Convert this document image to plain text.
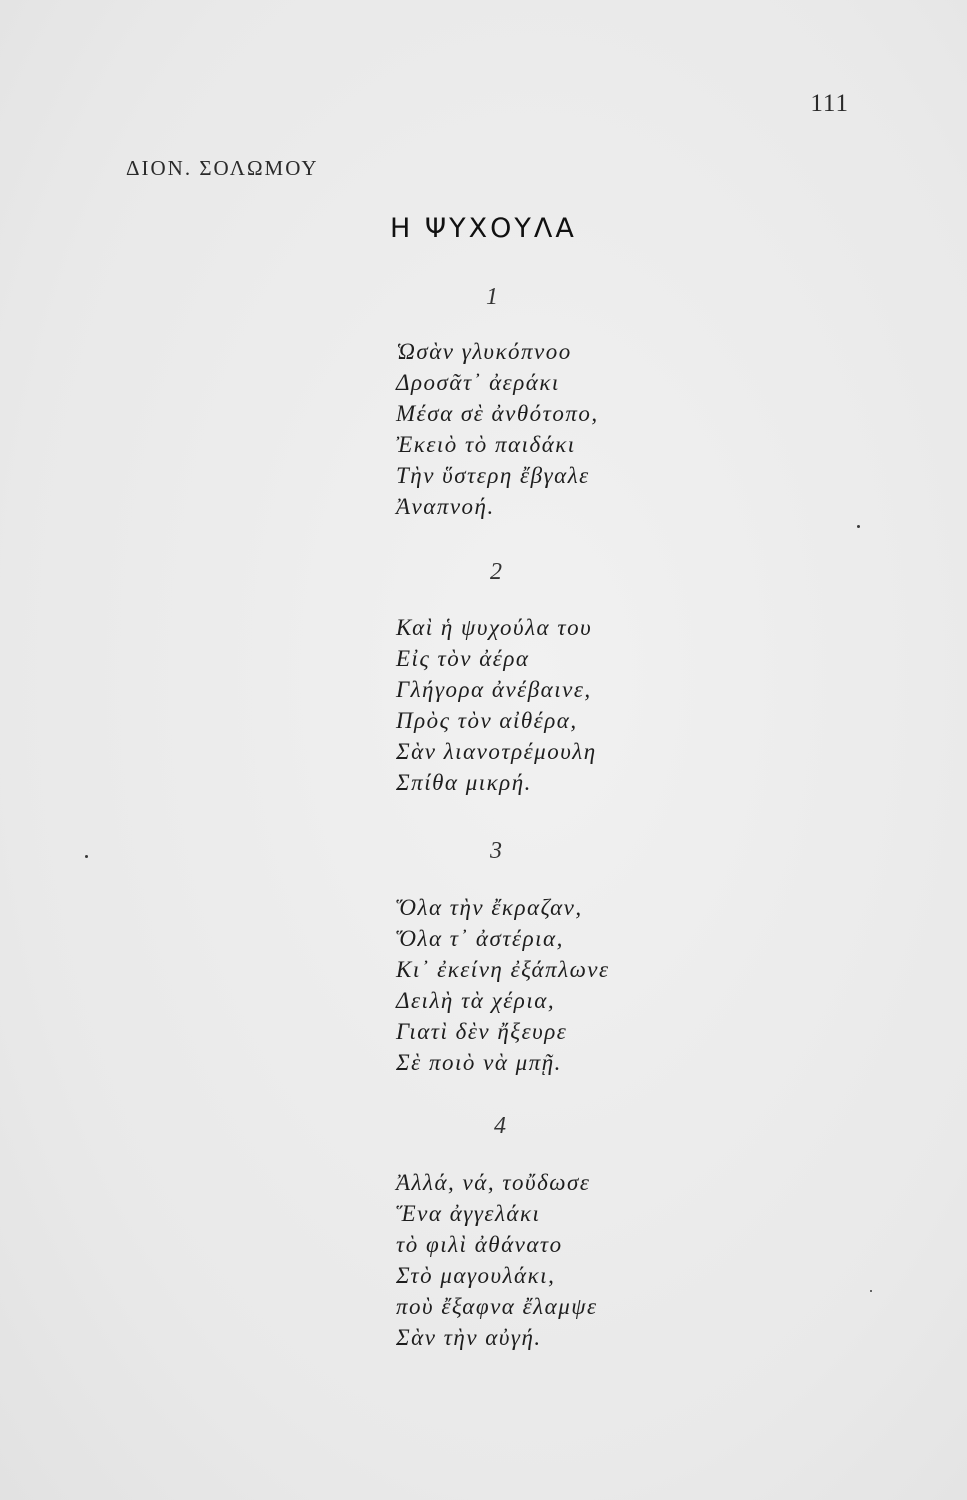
111
ΔΙΟΝ. ΣΟΛΩΜΟΥ
Η ΨΥΧΟΥΛΑ
1
Ὡσὰν γλυκόπνοο
Δροσᾶτ᾿ ἀεράκι
Μέσα σὲ ἀνθότοπο,
Ἐκειὸ τὸ παιδάκι
Τὴν ὕστερη ἔβγαλε
Ἀναπνοή.
2
Καὶ ἡ ψυχούλα του
Εἰς τὸν ἀέρα
Γλήγορα ἀνέβαινε,
Πρὸς τὸν αἰθέρα,
Σὰν λιανοτρέμουλη
Σπίθα μικρή.
3
Ὅλα τὴν ἔκραζαν,
Ὅλα τ᾿ ἀστέρια,
Κι᾿ ἐκείνη ἐξάπλωνε
Δειλὴ τὰ χέρια,
Γιατὶ δὲν ἤξευρε
Σὲ ποιὸ νὰ μπῇ.
4
Ἀλλά, νά, τοὔδωσε
Ἕνα ἀγγελάκι
τὸ φιλὶ ἀθάνατο
Στὸ μαγουλάκι,
ποὺ ἔξαφνα ἔλαμψε
Σὰν τὴν αὐγή.
